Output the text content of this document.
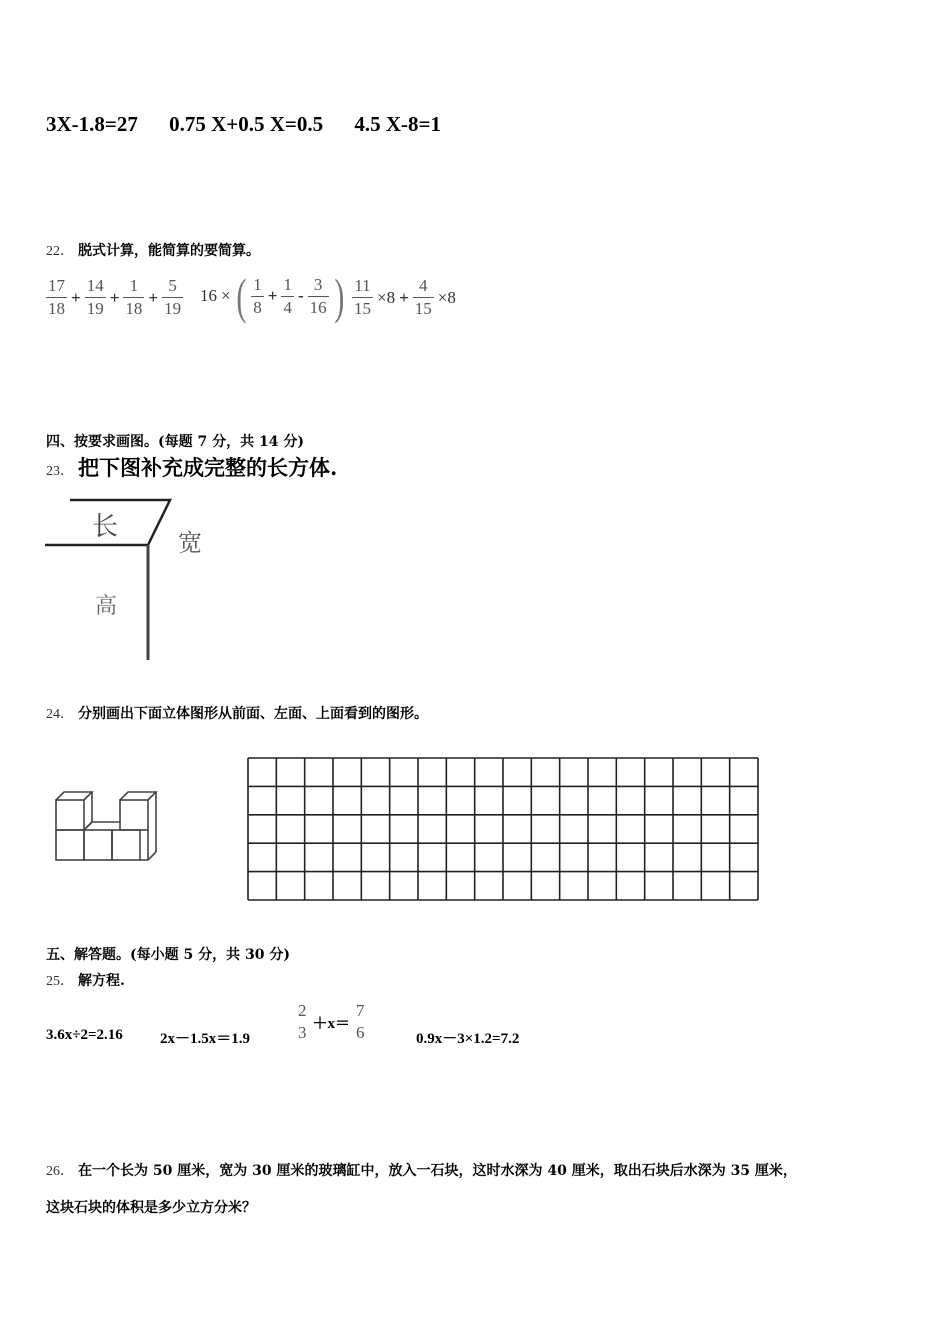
3X-1.8=27 0.75 X+0.5 X=0.5 4.5 X-8=1
22． 脱式计算，能简算的要简算。
$\frac{17}{18} + \frac{14}{19} + \frac{1}{18} + \frac{5}{19} 16$ × ( $\frac{1}{8} + \frac{1}{4} - \frac{3}{16}$ ) $\frac{11}{15} \times 8 + \frac{4}{15} \times 8$
四、按要求画图。(每题 7 分，共 14 分)
23． 把下图补充成完整的长方体.
长
宽
高
24． 分别画出下面立体图形从前面、左面、上面看到的图形。
五、解答题。(每小题 5 分，共 30 分)
25． 解方程.
3.6x÷2=2.16 2x－1.5x＝1.9
2
3 ＋x＝
7
6	0.9x－3×1.2=7.2
26． 在一个长为 50 厘米，宽为 30 厘米的玻璃缸中，放入一石块，这时水深为 40 厘米，取出石块后水深为 35 厘米，
这块石块的体积是多少立方分米？
